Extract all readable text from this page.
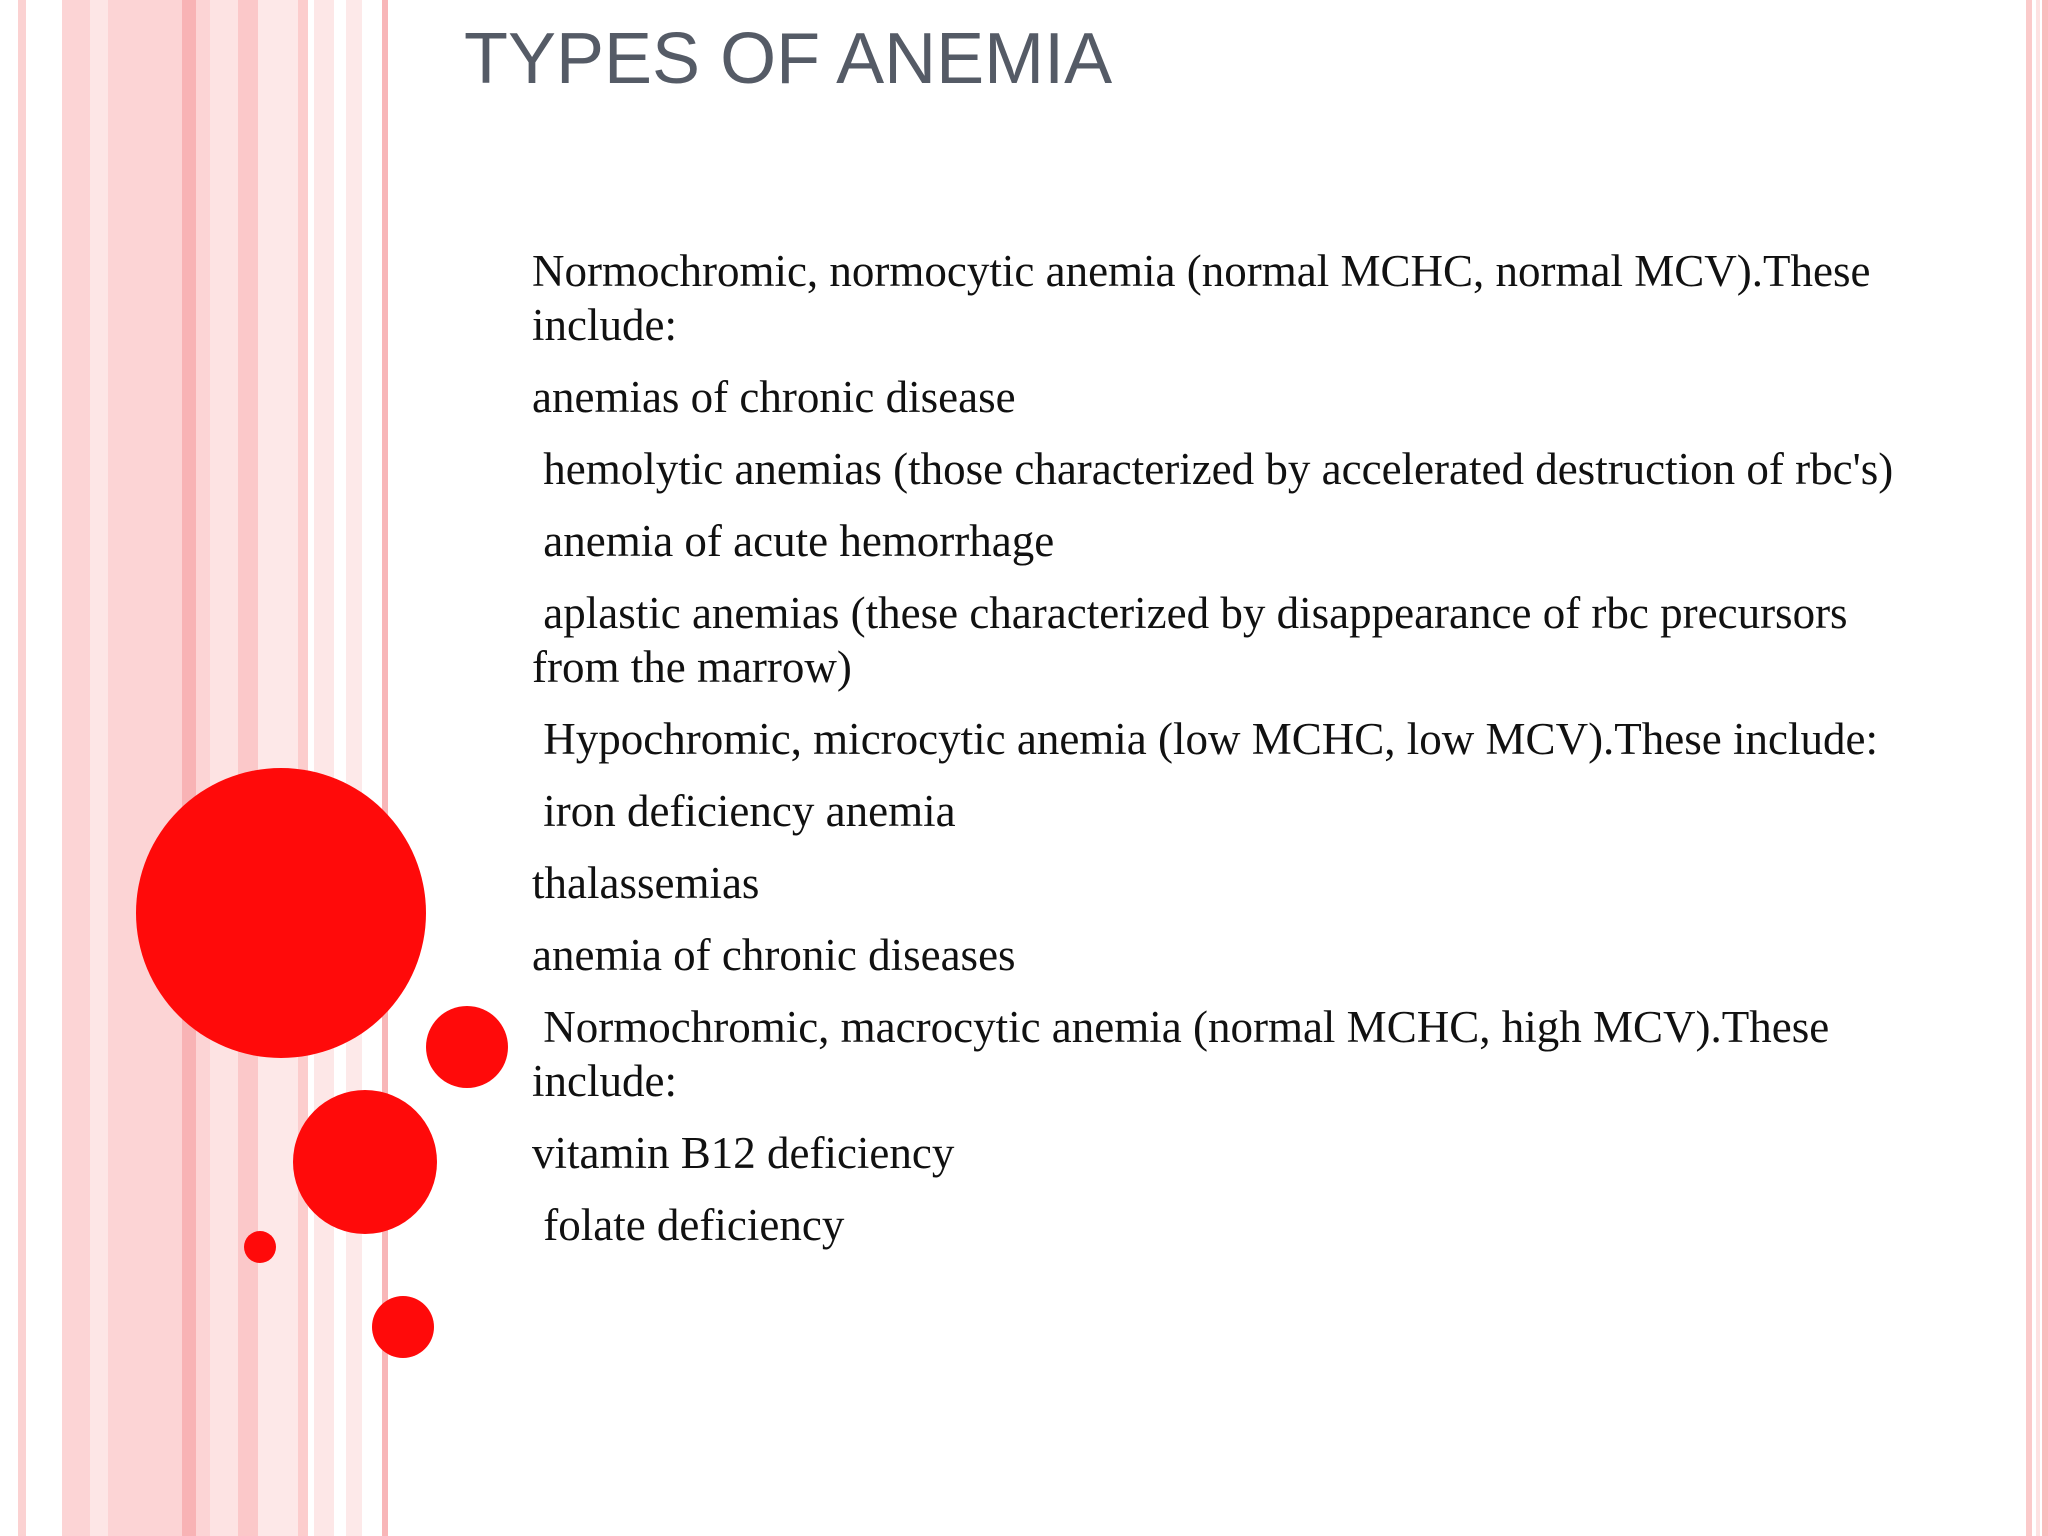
TYPES OF ANEMIA

Normochromic, normocytic anemia (normal MCHC, normal MCV).These include:

anemias of chronic disease

hemolytic anemias (those characterized by accelerated destruction of rbc's)

anemia of acute hemorrhage

aplastic anemias (these characterized by disappearance of rbc precursors from the marrow)

Hypochromic, microcytic anemia (low MCHC, low MCV).These include:

iron deficiency anemia

thalassemias

anemia of chronic diseases

Normochromic, macrocytic anemia (normal MCHC, high MCV).These include:

vitamin B12 deficiency

folate deficiency
